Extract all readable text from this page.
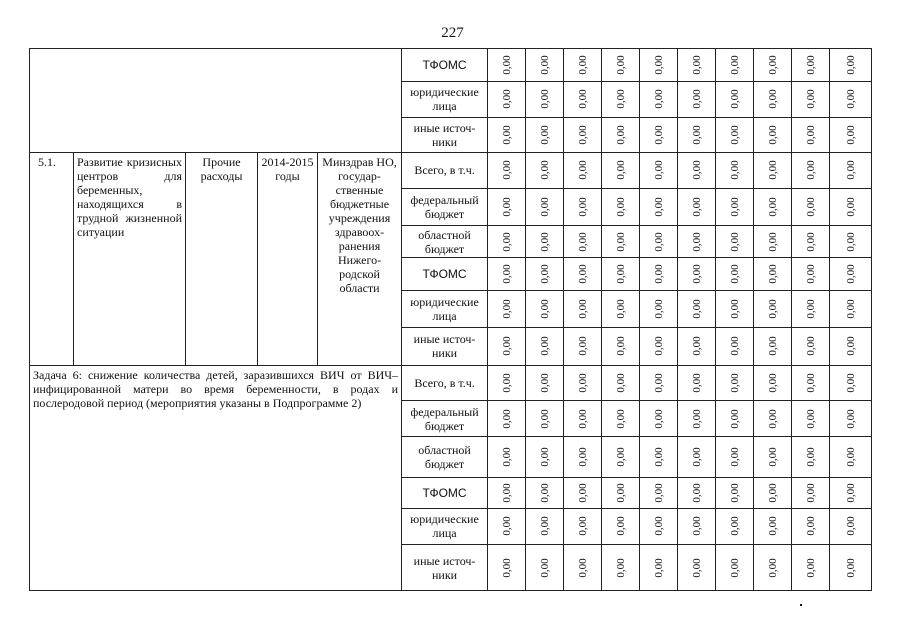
227
					ТФОМС	0,00	0,00	0,00	0,00	0,00	0,00	0,00	0,00	0,00	0,00

					юридические лица	0,00	0,00	0,00	0,00	0,00	0,00	0,00	0,00	0,00	0,00

					иные источ-ники	0,00	0,00	0,00	0,00	0,00	0,00	0,00	0,00	0,00	0,00

5.1.	Развитие кризисных центров для беременных, находящихся в трудной жизненной ситуации	Прочие расходы	2014-2015 годы	Минздрав НО, государ-ственные бюджетные учреждения здравоох-ранения Нижего-родской области	Всего, в т.ч.	0,00	0,00	0,00	0,00	0,00	0,00	0,00	0,00	0,00	0,00

					федеральный бюджет	0,00	0,00	0,00	0,00	0,00	0,00	0,00	0,00	0,00	0,00

					областной бюджет	0,00	0,00	0,00	0,00	0,00	0,00	0,00	0,00	0,00	0,00

					ТФОМС	0,00	0,00	0,00	0,00	0,00	0,00	0,00	0,00	0,00	0,00

					юридические лица	0,00	0,00	0,00	0,00	0,00	0,00	0,00	0,00	0,00	0,00

					иные источ-ники	0,00	0,00	0,00	0,00	0,00	0,00	0,00	0,00	0,00	0,00

Задача 6: снижение количества детей, заразившихся ВИЧ от ВИЧ–инфицированной матери во время беременности, в родах и послеродовой период (мероприятия указаны в Подпрограмме 2)					Всего, в т.ч.	0,00	0,00	0,00	0,00	0,00	0,00	0,00	0,00	0,00	0,00

					федеральный бюджет	0,00	0,00	0,00	0,00	0,00	0,00	0,00	0,00	0,00	0,00

					областной бюджет	0,00	0,00	0,00	0,00	0,00	0,00	0,00	0,00	0,00	0,00

					ТФОМС	0,00	0,00	0,00	0,00	0,00	0,00	0,00	0,00	0,00	0,00

					юридические лица	0,00	0,00	0,00	0,00	0,00	0,00	0,00	0,00	0,00	0,00

					иные источ-ники	0,00	0,00	0,00	0,00	0,00	0,00	0,00	0,00	0,00	0,00
